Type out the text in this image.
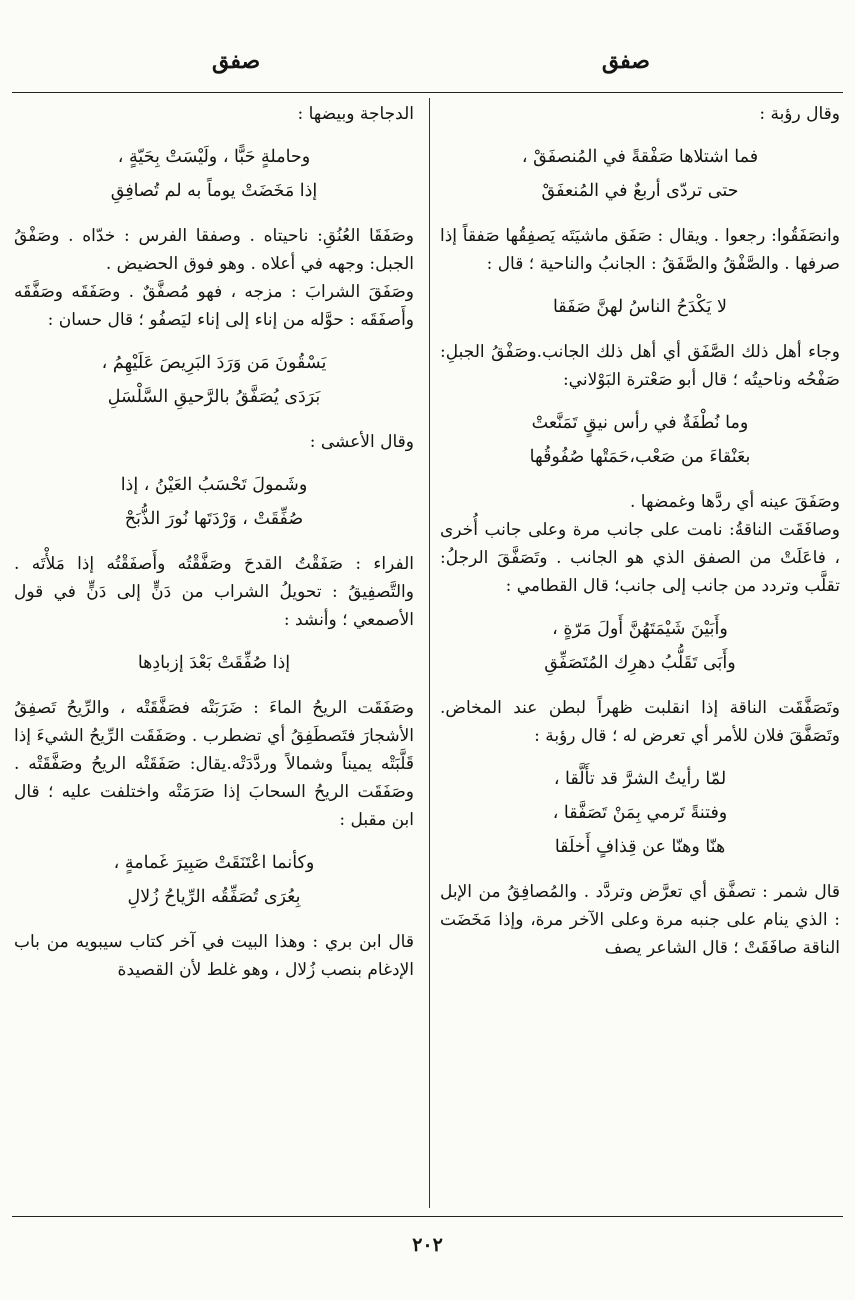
صفق
صفق

وقال رؤبة :

فما اشتلاها صَفْقةً في المُنصفَقْ ،

حتى تردّى أربعٌ في المُنعفَقْ

وانصَفَقُوا: رجعوا . ويقال : صَفَق ماشيَتَه يَصفِقُها صَفقاً إذا صرفها . والصَّفْقُ والصَّفَقُ : الجانبُ والناحية ؛ قال :

لا يَكْدَحُ الناسُ لهنَّ صَفَقا

وجاء أهل ذلك الصَّفَق أي أهل ذلك الجانب.وصَفْقُ الجبلِ: صَفْحُه وناحيتُه ؛ قال أبو صَعْترة البَوْلاني:

وما نُطْفَةٌ في رأس نيقٍ تَمَنَّعتْ

بعَنْقاءَ من صَعْب،حَمَتْها صُفُوقُها

وصَفَقَ عينه أي ردَّها وغمضها .

وصافَقَت الناقةُ: نامت على جانب مرة وعلى جانب أُخرى ، فاعَلَتْ من الصفق الذي هو الجانب . وتَصَفَّقَ الرجلُ: تقلَّب وتردد من جانب إلى جانب؛ قال القطامي :

وأَبَيْنَ شَيْمَتَهُنَّ أَولَ مَرّةٍ ،

وأَبَى تَقَلُّبُ دهرِك المُتَصَفِّقِ

وتَصَفَّقَت الناقة إذا انقلبت ظهراً لبطن عند المخاض. وتَصَفَّقَ فلان للأمر أي تعرض له ؛ قال رؤبة :

لمّا رأيتُ الشرَّ قد تأَلَّقا ،

وفتنةً تَرمي بِمَنْ تَصَفَّقا ،

هنّا وهنّا عن قِذافٍ أَخلَقا

قال شمر : تصفَّق أي تعرَّض وتردَّد . والمُصافِقُ من الإبل : الذي ينام على جنبه مرة وعلى الآخر مرة، وإذا مَخَضَت الناقة صافَقَتْ ؛ قال الشاعر يصف

الدجاجة وبيضها :

وحاملةٍ حَبًّا ، ولَيْسَتْ بِحَيّةٍ ،

إذا مَخَضَتْ يوماً به لم تُصافِقِ

وصَفَقَا العُنُقِ: ناحيتاه . وصفقا الفرس : خدّاه . وصَفْقُ الجبل: وجهه في أعلاه . وهو فوق الحضيض .

وصَفَقَ الشرابَ : مزجه ، فهو مُصفَّقٌ . وصَفَقَه وصَفَّقَه وأَصفَقَه : حوَّله من إناء إلى إناء ليَصفُو ؛ قال حسان :

يَسْقُونَ مَن وَرَدَ البَرِيصَ عَلَيْهِمُ ،

بَرَدَى يُصَفَّقُ بالرَّحيقِ السَّلْسَلِ

وقال الأعشى :

وشَمولَ تَحْسَبُ العَيْنُ ، إذا

صُفِّقَتْ ، وَرْدَتَها نُورَ الذُّبَحْ

الفراء : صَفَقْتُ القدحَ وصَفَّقْتُه وأَصفَقْتُه إذا مَلأْتَه . والتَّصفِيقُ : تحويلُ الشراب من دَنٍّ إلى دَنٍّ في قول الأصمعي ؛ وأنشد :

إذا صُفِّقَتْ بَعْدَ إزبادِها

وصَفَقَت الريحُ الماءَ : ضَرَبَتْه فصَفَّقَتْه ، والرِّيحُ تَصفِقُ الأشجارَ فتَصطَفِقُ أي تضطرب . وصَفَقَت الرِّيحُ الشيءَ إذا قَلَّبَتْه يميناً وشمالاً وردَّدَتْه.يقال: صَفَقَتْه الريحُ وصَفَّقَتْه . وصَفَقَت الريحُ السحابَ إذا صَرَمَتْه واختلفت عليه ؛ قال ابن مقبل :

وكأنما اعْتَنَقَتْ صَبِيرَ غَمامةٍ ،

بِعُرَى تُصَفِّقُه الرِّياحُ زُلالِ

قال ابن بري : وهذا البيت في آخر كتاب سيبويه من باب الإدغام بنصب زُلال ، وهو غلط لأن القصيدة

٢٠٢
